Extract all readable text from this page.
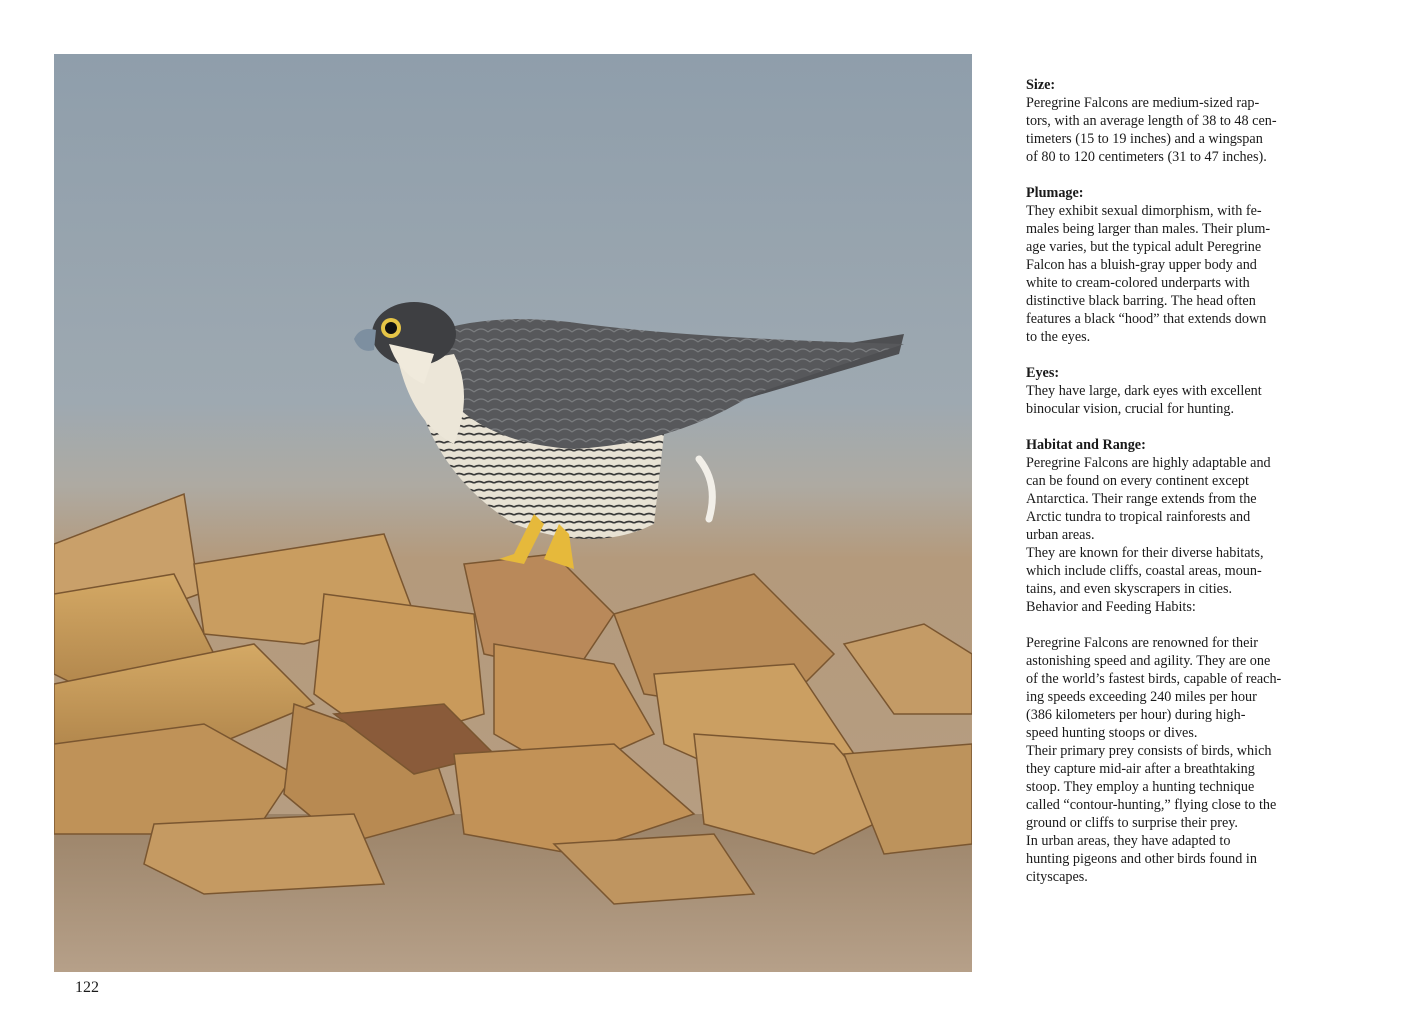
Size:

Peregrine Falcons are medium-sized rap-
tors, with an average length of 38 to 48 cen-
timeters (15 to 19 inches) and a wingspan
of 80 to 120 centimeters (31 to 47 inches).

Plumage:

They exhibit sexual dimorphism, with fe-
males being larger than males. Their plum-
age varies, but the typical adult Peregrine
Falcon has a bluish-gray upper body and
white to cream-colored underparts with
distinctive black barring. The head often
features a black “hood” that extends down
to the eyes.

Eyes:

They have large, dark eyes with excellent
binocular vision, crucial for hunting.

Habitat and Range:

Peregrine Falcons are highly adaptable and
can be found on every continent except
Antarctica. Their range extends from the
Arctic tundra to tropical rainforests and
urban areas.
They are known for their diverse habitats,
which include cliffs, coastal areas, moun-
tains, and even skyscrapers in cities.
Behavior and Feeding Habits:

Peregrine Falcons are renowned for their
astonishing speed and agility. They are one
of the world’s fastest birds, capable of reach-
ing speeds exceeding 240 miles per hour
(386 kilometers per hour) during high-
speed hunting stoops or dives.
Their primary prey consists of birds, which
they capture mid-air after a breathtaking
stoop. They employ a hunting technique
called “contour-hunting,” flying close to the
ground or cliffs to surprise their prey.
In urban areas, they have adapted to
hunting pigeons and other birds found in
cityscapes.

122
